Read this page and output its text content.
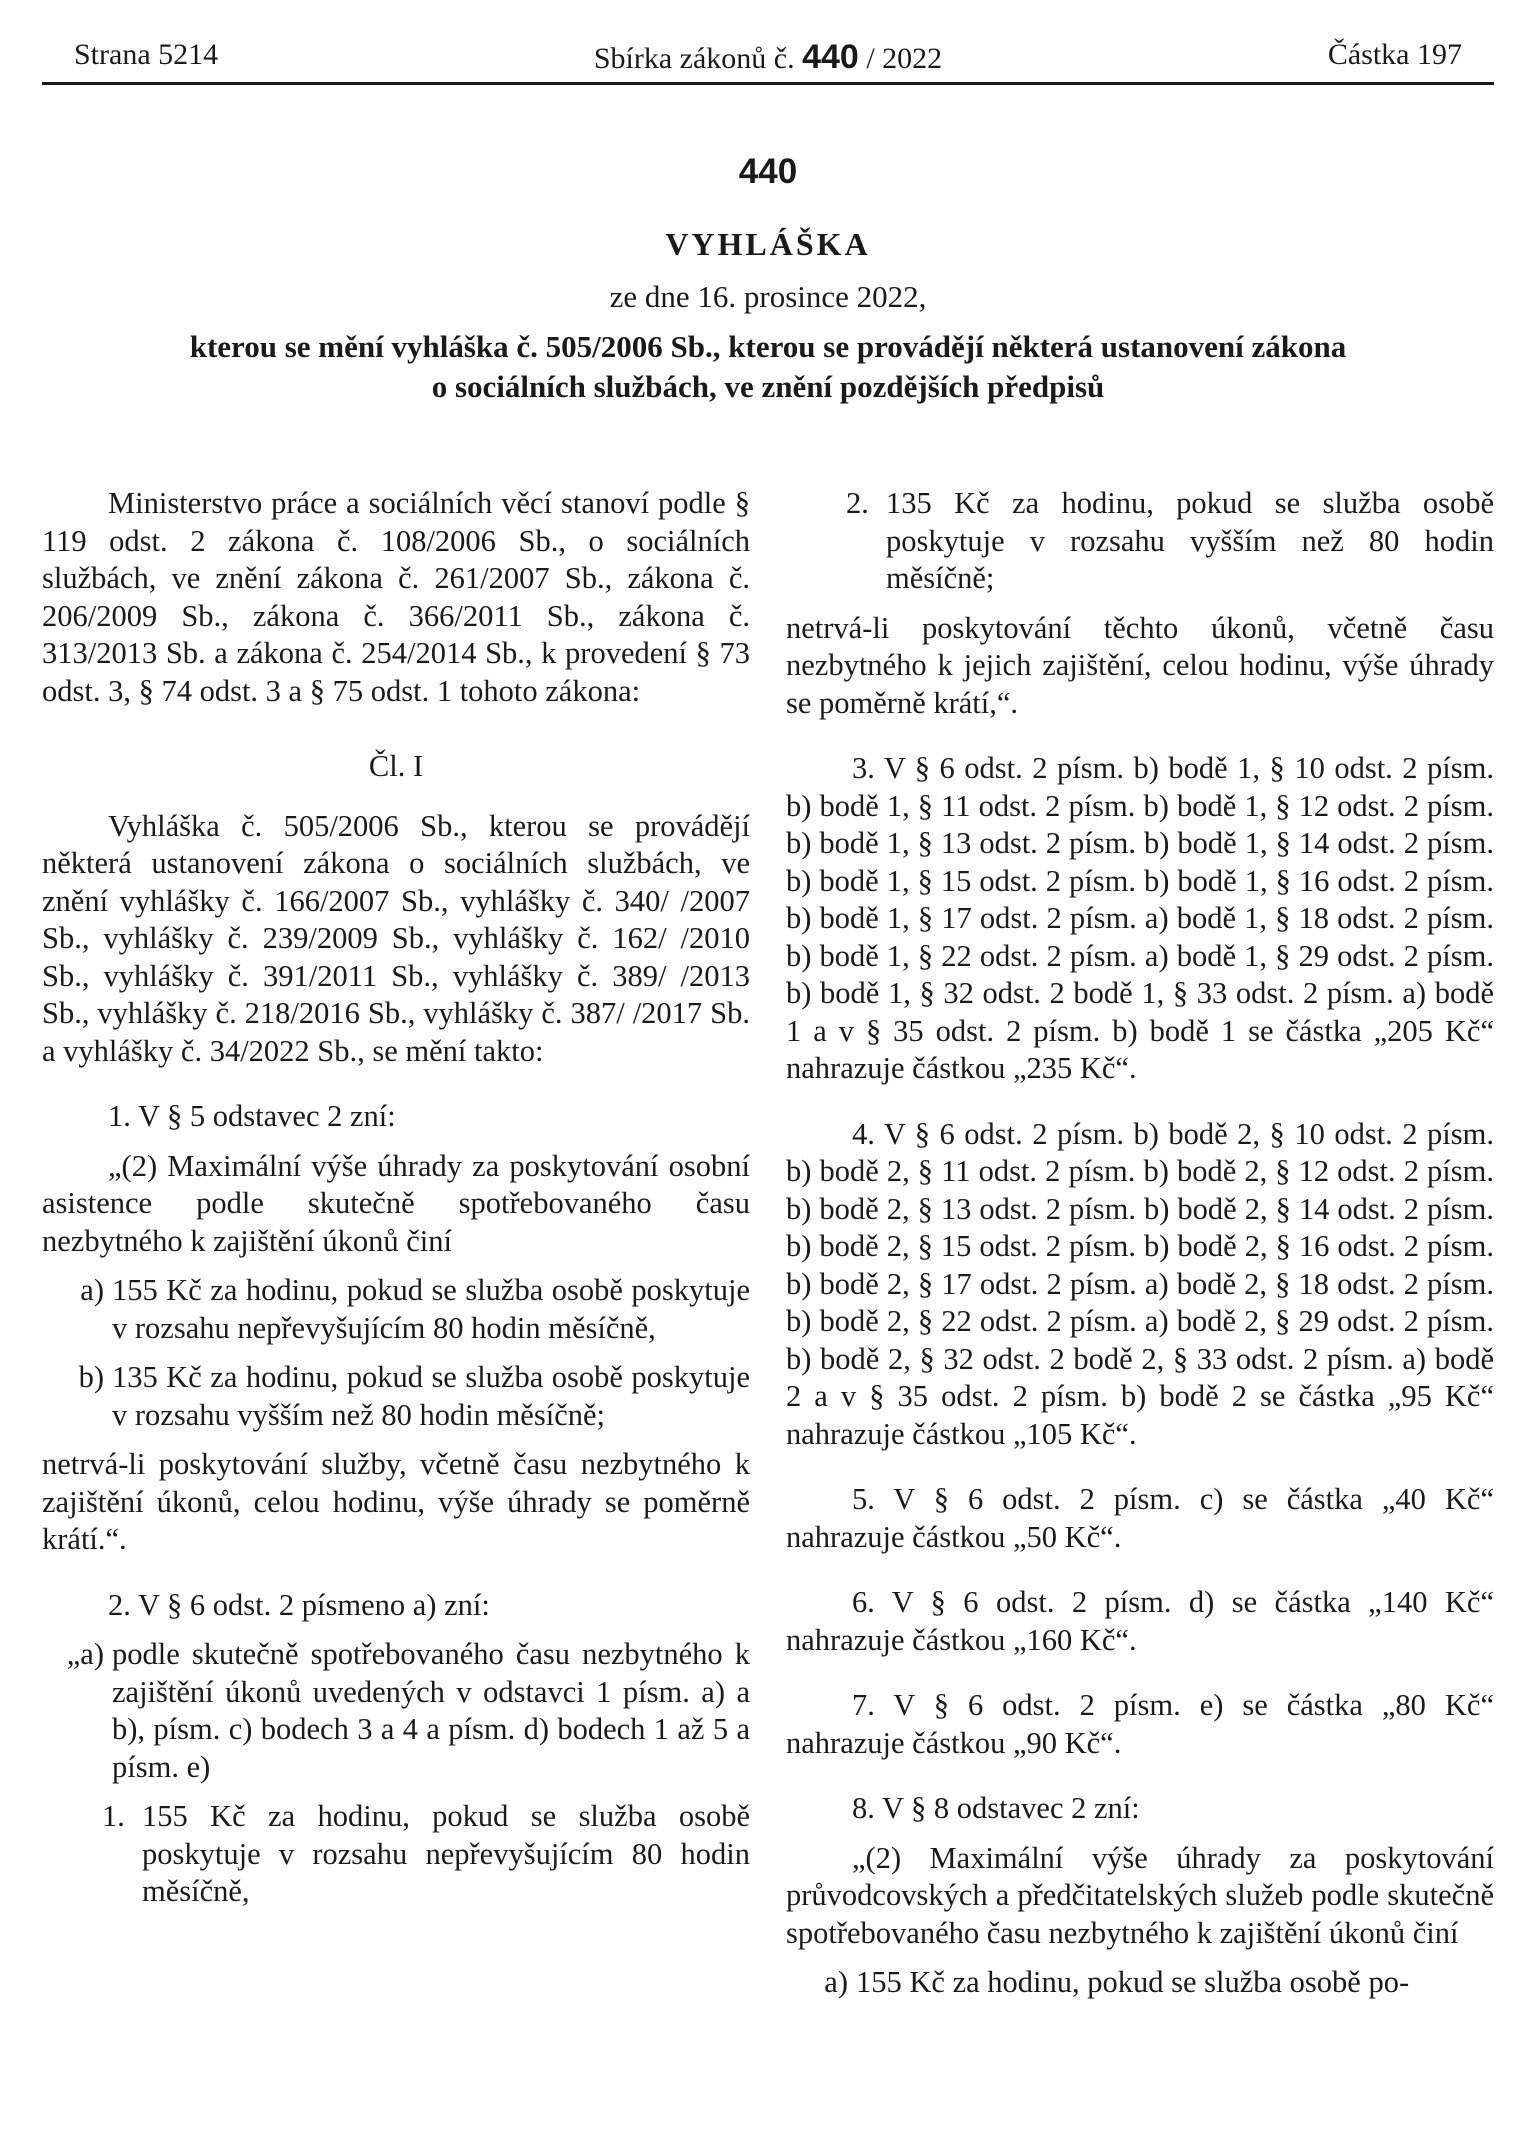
Strana 5214	Sbírka zákonů č. 440 / 2022	Částka 197
440
VYHLÁŠKA
ze dne 16. prosince 2022,
kterou se mění vyhláška č. 505/2006 Sb., kterou se provádějí některá ustanovení zákona
o sociálních službách, ve znění pozdějších předpisů

Ministerstvo práce a sociálních věcí stanoví podle § 119 odst. 2 zákona č. 108/2006 Sb., o sociálních službách, ve znění zákona č. 261/2007 Sb., zákona č. 206/2009 Sb., zákona č. 366/2011 Sb., zákona č. 313/2013 Sb. a zákona č. 254/2014 Sb., k provedení § 73 odst. 3, § 74 odst. 3 a § 75 odst. 1 tohoto zákona:

Čl. I

Vyhláška č. 505/2006 Sb., kterou se provádějí některá ustanovení zákona o sociálních službách, ve znění vyhlášky č. 166/2007 Sb., vyhlášky č. 340/ /2007 Sb., vyhlášky č. 239/2009 Sb., vyhlášky č. 162/ /2010 Sb., vyhlášky č. 391/2011 Sb., vyhlášky č. 389/ /2013 Sb., vyhlášky č. 218/2016 Sb., vyhlášky č. 387/ /2017 Sb. a vyhlášky č. 34/2022 Sb., se mění takto:

1. V § 5 odstavec 2 zní:

„(2) Maximální výše úhrady za poskytování osobní asistence podle skutečně spotřebovaného času nezbytného k zajištění úkonů činí

a) 155 Kč za hodinu, pokud se služba osobě poskytuje v rozsahu nepřevyšujícím 80 hodin měsíčně,
b) 135 Kč za hodinu, pokud se služba osobě poskytuje v rozsahu vyšším než 80 hodin měsíčně;

netrvá-li poskytování služby, včetně času nezbytného k zajištění úkonů, celou hodinu, výše úhrady se poměrně krátí.“.

2. V § 6 odst. 2 písmeno a) zní:

„a) podle skutečně spotřebovaného času nezbytného k zajištění úkonů uvedených v odstavci 1 písm. a) a b), písm. c) bodech 3 a 4 a písm. d) bodech 1 až 5 a písm. e)
1. 155 Kč za hodinu, pokud se služba osobě poskytuje v rozsahu nepřevyšujícím 80 hodin měsíčně,
2. 135 Kč za hodinu, pokud se služba osobě poskytuje v rozsahu vyšším než 80 hodin měsíčně;

netrvá-li poskytování těchto úkonů, včetně času nezbytného k jejich zajištění, celou hodinu, výše úhrady se poměrně krátí,“.

3. V § 6 odst. 2 písm. b) bodě 1, § 10 odst. 2 písm. b) bodě 1, § 11 odst. 2 písm. b) bodě 1, § 12 odst. 2 písm. b) bodě 1, § 13 odst. 2 písm. b) bodě 1, § 14 odst. 2 písm. b) bodě 1, § 15 odst. 2 písm. b) bodě 1, § 16 odst. 2 písm. b) bodě 1, § 17 odst. 2 písm. a) bodě 1, § 18 odst. 2 písm. b) bodě 1, § 22 odst. 2 písm. a) bodě 1, § 29 odst. 2 písm. b) bodě 1, § 32 odst. 2 bodě 1, § 33 odst. 2 písm. a) bodě 1 a v § 35 odst. 2 písm. b) bodě 1 se částka „205 Kč“ nahrazuje částkou „235 Kč“.

4. V § 6 odst. 2 písm. b) bodě 2, § 10 odst. 2 písm. b) bodě 2, § 11 odst. 2 písm. b) bodě 2, § 12 odst. 2 písm. b) bodě 2, § 13 odst. 2 písm. b) bodě 2, § 14 odst. 2 písm. b) bodě 2, § 15 odst. 2 písm. b) bodě 2, § 16 odst. 2 písm. b) bodě 2, § 17 odst. 2 písm. a) bodě 2, § 18 odst. 2 písm. b) bodě 2, § 22 odst. 2 písm. a) bodě 2, § 29 odst. 2 písm. b) bodě 2, § 32 odst. 2 bodě 2, § 33 odst. 2 písm. a) bodě 2 a v § 35 odst. 2 písm. b) bodě 2 se částka „95 Kč“ nahrazuje částkou „105 Kč“.

5. V § 6 odst. 2 písm. c) se částka „40 Kč“ nahrazuje částkou „50 Kč“.

6. V § 6 odst. 2 písm. d) se částka „140 Kč“ nahrazuje částkou „160 Kč“.

7. V § 6 odst. 2 písm. e) se částka „80 Kč“ nahrazuje částkou „90 Kč“.

8. V § 8 odstavec 2 zní:

„(2) Maximální výše úhrady za poskytování průvodcovských a předčitatelských služeb podle skutečně spotřebovaného času nezbytného k zajištění úkonů činí

a) 155 Kč za hodinu, pokud se služba osobě po-
